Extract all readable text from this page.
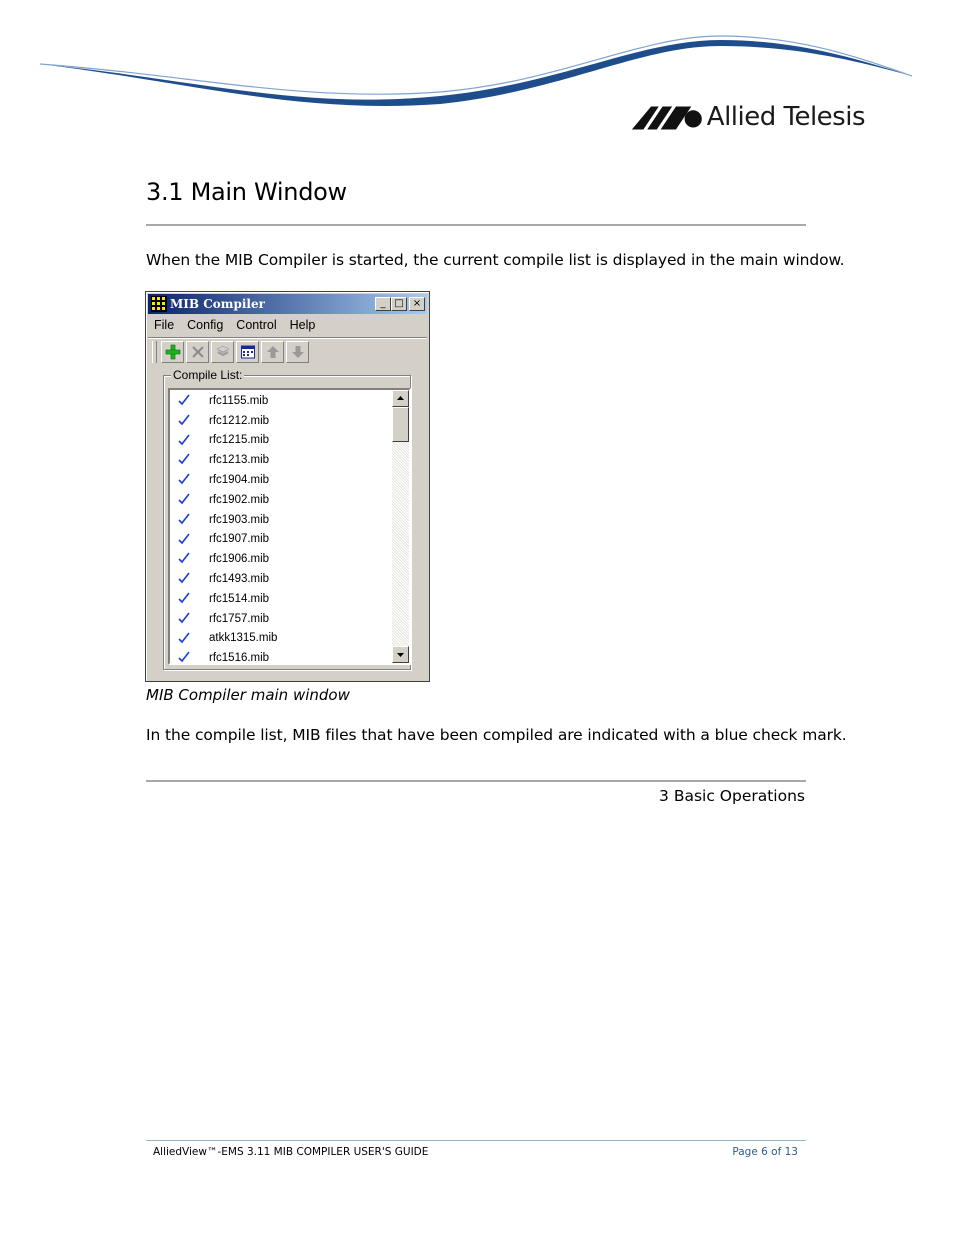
Allied Telesis
3.1 Main Window
When the MIB Compiler is started, the current compile list is displayed in the main window.
MIB Compiler	_ □ ×
File Config Control Help
Compile List:
rfc1155.mib
rfc1212.mib
rfc1215.mib
rfc1213.mib
rfc1904.mib
rfc1902.mib
rfc1903.mib
rfc1907.mib
rfc1906.mib
rfc1493.mib
rfc1514.mib
rfc1757.mib
atkk1315.mib
rfc1516.mib
MIB Compiler main window
In the compile list, MIB files that have been compiled are indicated with a blue check mark.
3 Basic Operations
AlliedView™-EMS 3.11 MIB COMPILER USER'S GUIDE	Page 6 of 13
